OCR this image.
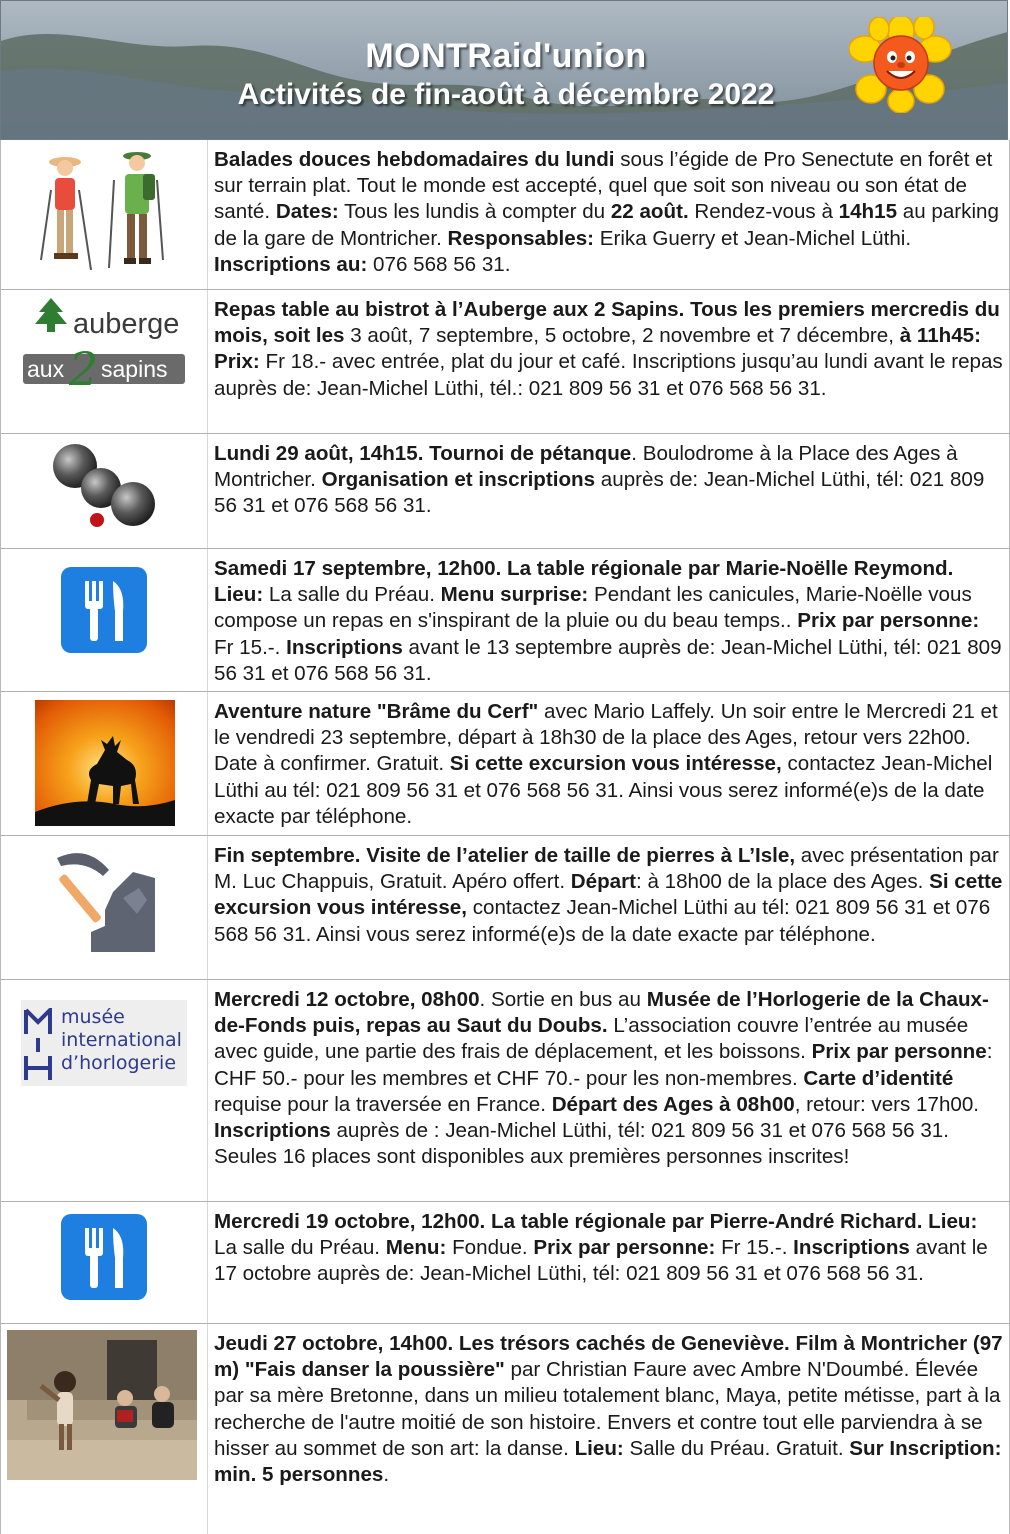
MONTRaid'union
Activités de fin-août à décembre 2022
Balades douces hebdomadaires du lundi sous l’égide de Pro Senectute en forêt et sur terrain plat. Tout le monde est accepté, quel que soit son niveau ou son état de santé. Dates: Tous les lundis à compter du 22 août. Rendez-vous à 14h15 au parking de la gare de Montricher. Responsables: Erika Guerry et Jean-Michel Lüthi. Inscriptions au: 076 568 56 31.
auberge
aux 2 sapins
Repas table au bistrot à l’Auberge aux 2 Sapins. Tous les premiers mercredis du mois, soit les 3 août, 7 septembre, 5 octobre, 2 novembre et 7 décembre, à 11h45: Prix: Fr 18.- avec entrée, plat du jour et café. Inscriptions jusqu’au lundi avant le repas auprès de: Jean-Michel Lüthi, tél.: 021 809 56 31 et 076 568 56 31.
Lundi 29 août, 14h15. Tournoi de pétanque. Boulodrome à la Place des Ages à Montricher. Organisation et inscriptions auprès de: Jean-Michel Lüthi, tél: 021 809 56 31 et 076 568 56 31.
Samedi 17 septembre, 12h00. La table régionale par Marie-Noëlle Reymond. Lieu: La salle du Préau. Menu surprise: Pendant les canicules, Marie-Noëlle vous compose un repas en s'inspirant de la pluie ou du beau temps.. Prix par personne: Fr 15.-. Inscriptions avant le 13 septembre auprès de: Jean-Michel Lüthi, tél: 021 809 56 31 et 076 568 56 31.
Aventure nature "Brâme du Cerf" avec Mario Laffely. Un soir entre le Mercredi 21 et le vendredi 23 septembre, départ à 18h30 de la place des Ages, retour vers 22h00. Date à confirmer. Gratuit. Si cette excursion vous intéresse, contactez Jean-Michel Lüthi au tél: 021 809 56 31 et 076 568 56 31. Ainsi vous serez informé(e)s de la date exacte par téléphone.
Fin septembre. Visite de l’atelier de taille de pierres à L’Isle, avec présentation par M. Luc Chappuis, Gratuit. Apéro offert. Départ: à 18h00 de la place des Ages. Si cette excursion vous intéresse, contactez Jean-Michel Lüthi au tél: 021 809 56 31 et 076 568 56 31. Ainsi vous serez informé(e)s de la date exacte par téléphone.
musée
international
d’horlogerie
Mercredi 12 octobre, 08h00. Sortie en bus au Musée de l’Horlogerie de la Chaux-de-Fonds puis, repas au Saut du Doubs. L’association couvre l’entrée au musée avec guide, une partie des frais de déplacement, et les boissons. Prix par personne: CHF 50.- pour les membres et CHF 70.- pour les non-membres. Carte d’identité requise pour la traversée en France. Départ des Ages à 08h00, retour: vers 17h00. Inscriptions auprès de : Jean-Michel Lüthi, tél: 021 809 56 31 et 076 568 56 31. Seules 16 places sont disponibles aux premières personnes inscrites!
Mercredi 19 octobre, 12h00. La table régionale par Pierre-André Richard. Lieu: La salle du Préau. Menu: Fondue. Prix par personne: Fr 15.-. Inscriptions avant le 17 octobre auprès de: Jean-Michel Lüthi, tél: 021 809 56 31 et 076 568 56 31.
Jeudi 27 octobre, 14h00. Les trésors cachés de Geneviève. Film à Montricher (97 m) "Fais danser la poussière" par Christian Faure avec Ambre N'Doumbé. Élevée par sa mère Bretonne, dans un milieu totalement blanc, Maya, petite métisse, part à la recherche de l'autre moitié de son histoire. Envers et contre tout elle parviendra à se hisser au sommet de son art: la danse. Lieu: Salle du Préau. Gratuit. Sur Inscription: min. 5 personnes.
